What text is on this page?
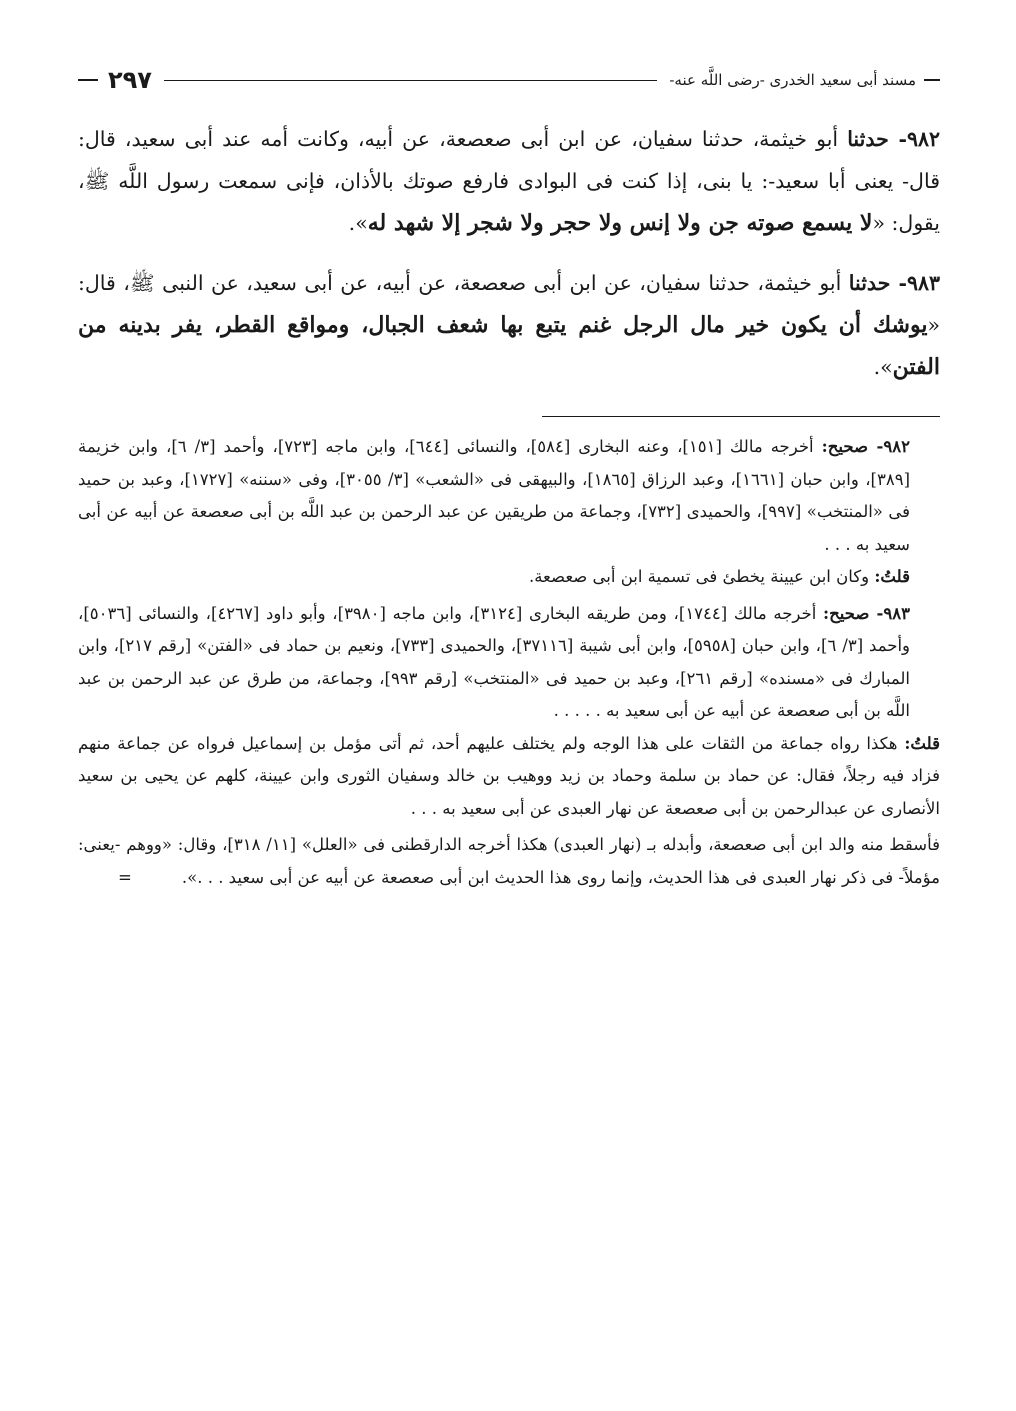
مسند أبى سعيد الخدرى -رضى اللَّه عنه-
٢٩٧

٩٨٢- حدثنا أبو خيثمة، حدثنا سفيان، عن ابن أبى صعصعة، عن أبيه، وكانت أمه عند أبى سعيد، قال: قال- يعنى أبا سعيد-: يا بنى، إذا كنت فى البوادى فارفع صوتك بالأذان، فإنى سمعت رسول اللَّه ﷺ، يقول: «لا يسمع صوته جن ولا إنس ولا حجر ولا شجر إلا شهد له».

٩٨٣- حدثنا أبو خيثمة، حدثنا سفيان، عن ابن أبى صعصعة، عن أبيه، عن أبى سعيد، عن النبى ﷺ، قال: «يوشك أن يكون خير مال الرجل غنم يتبع بها شعف الجبال، ومواقع القطر، يفر بدينه من الفتن».

٩٨٢- صحيح: أخرجه مالك [١٥١]، وعنه البخارى [٥٨٤]، والنسائى [٦٤٤]، وابن ماجه [٧٢٣]، وأحمد [٣/ ٦]، وابن خزيمة [٣٨٩]، وابن حبان [١٦٦١]، وعبد الرزاق [١٨٦٥]، والبيهقى فى «الشعب» [٣/ ٣٠٥٥]، وفى «سننه» [١٧٢٧]، وعبد بن حميد فى «المنتخب» [٩٩٧]، والحميدى [٧٣٢]، وجماعة من طريقين عن عبد الرحمن بن عبد اللَّه بن أبى صعصعة عن أبيه عن أبى سعيد به . . .

قلتُ: وكان ابن عيينة يخطئ فى تسمية ابن أبى صعصعة.

٩٨٣- صحيح: أخرجه مالك [١٧٤٤]، ومن طريقه البخارى [٣١٢٤]، وابن ماجه [٣٩٨٠]، وأبو داود [٤٢٦٧]، والنسائى [٥٠٣٦]، وأحمد [٣/ ٦]، وابن حبان [٥٩٥٨]، وابن أبى شيبة [٣٧١١٦]، والحميدى [٧٣٣]، ونعيم بن حماد فى «الفتن» [رقم ٢١٧]، وابن المبارك فى «مسنده» [رقم ٢٦١]، وعبد بن حميد فى «المنتخب» [رقم ٩٩٣]، وجماعة، من طرق عن عبد الرحمن بن عبد اللَّه بن أبى صعصعة عن أبيه عن أبى سعيد به . . . . .

قلتُ: هكذا رواه جماعة من الثقات على هذا الوجه ولم يختلف عليهم أحد، ثم أتى مؤمل بن إسماعيل فرواه عن جماعة منهم فزاد فيه رجلاً، فقال: عن حماد بن سلمة وحماد بن زيد ووهيب بن خالد وسفيان الثورى وابن عيينة، كلهم عن يحيى بن سعيد الأنصارى عن عبدالرحمن بن أبى صعصعة عن نهار العبدى عن أبى سعيد به . . .

فأسقط منه والد ابن أبى صعصعة، وأبدله بـ (نهار العبدى) هكذا أخرجه الدارقطنى فى «العلل» [١١/ ٣١٨]، وقال: «ووهم -يعنى: مؤملاً- فى ذكر نهار العبدى فى هذا الحديث، وإنما روى هذا الحديث ابن أبى صعصعة عن أبيه عن أبى سعيد . . .».
=
